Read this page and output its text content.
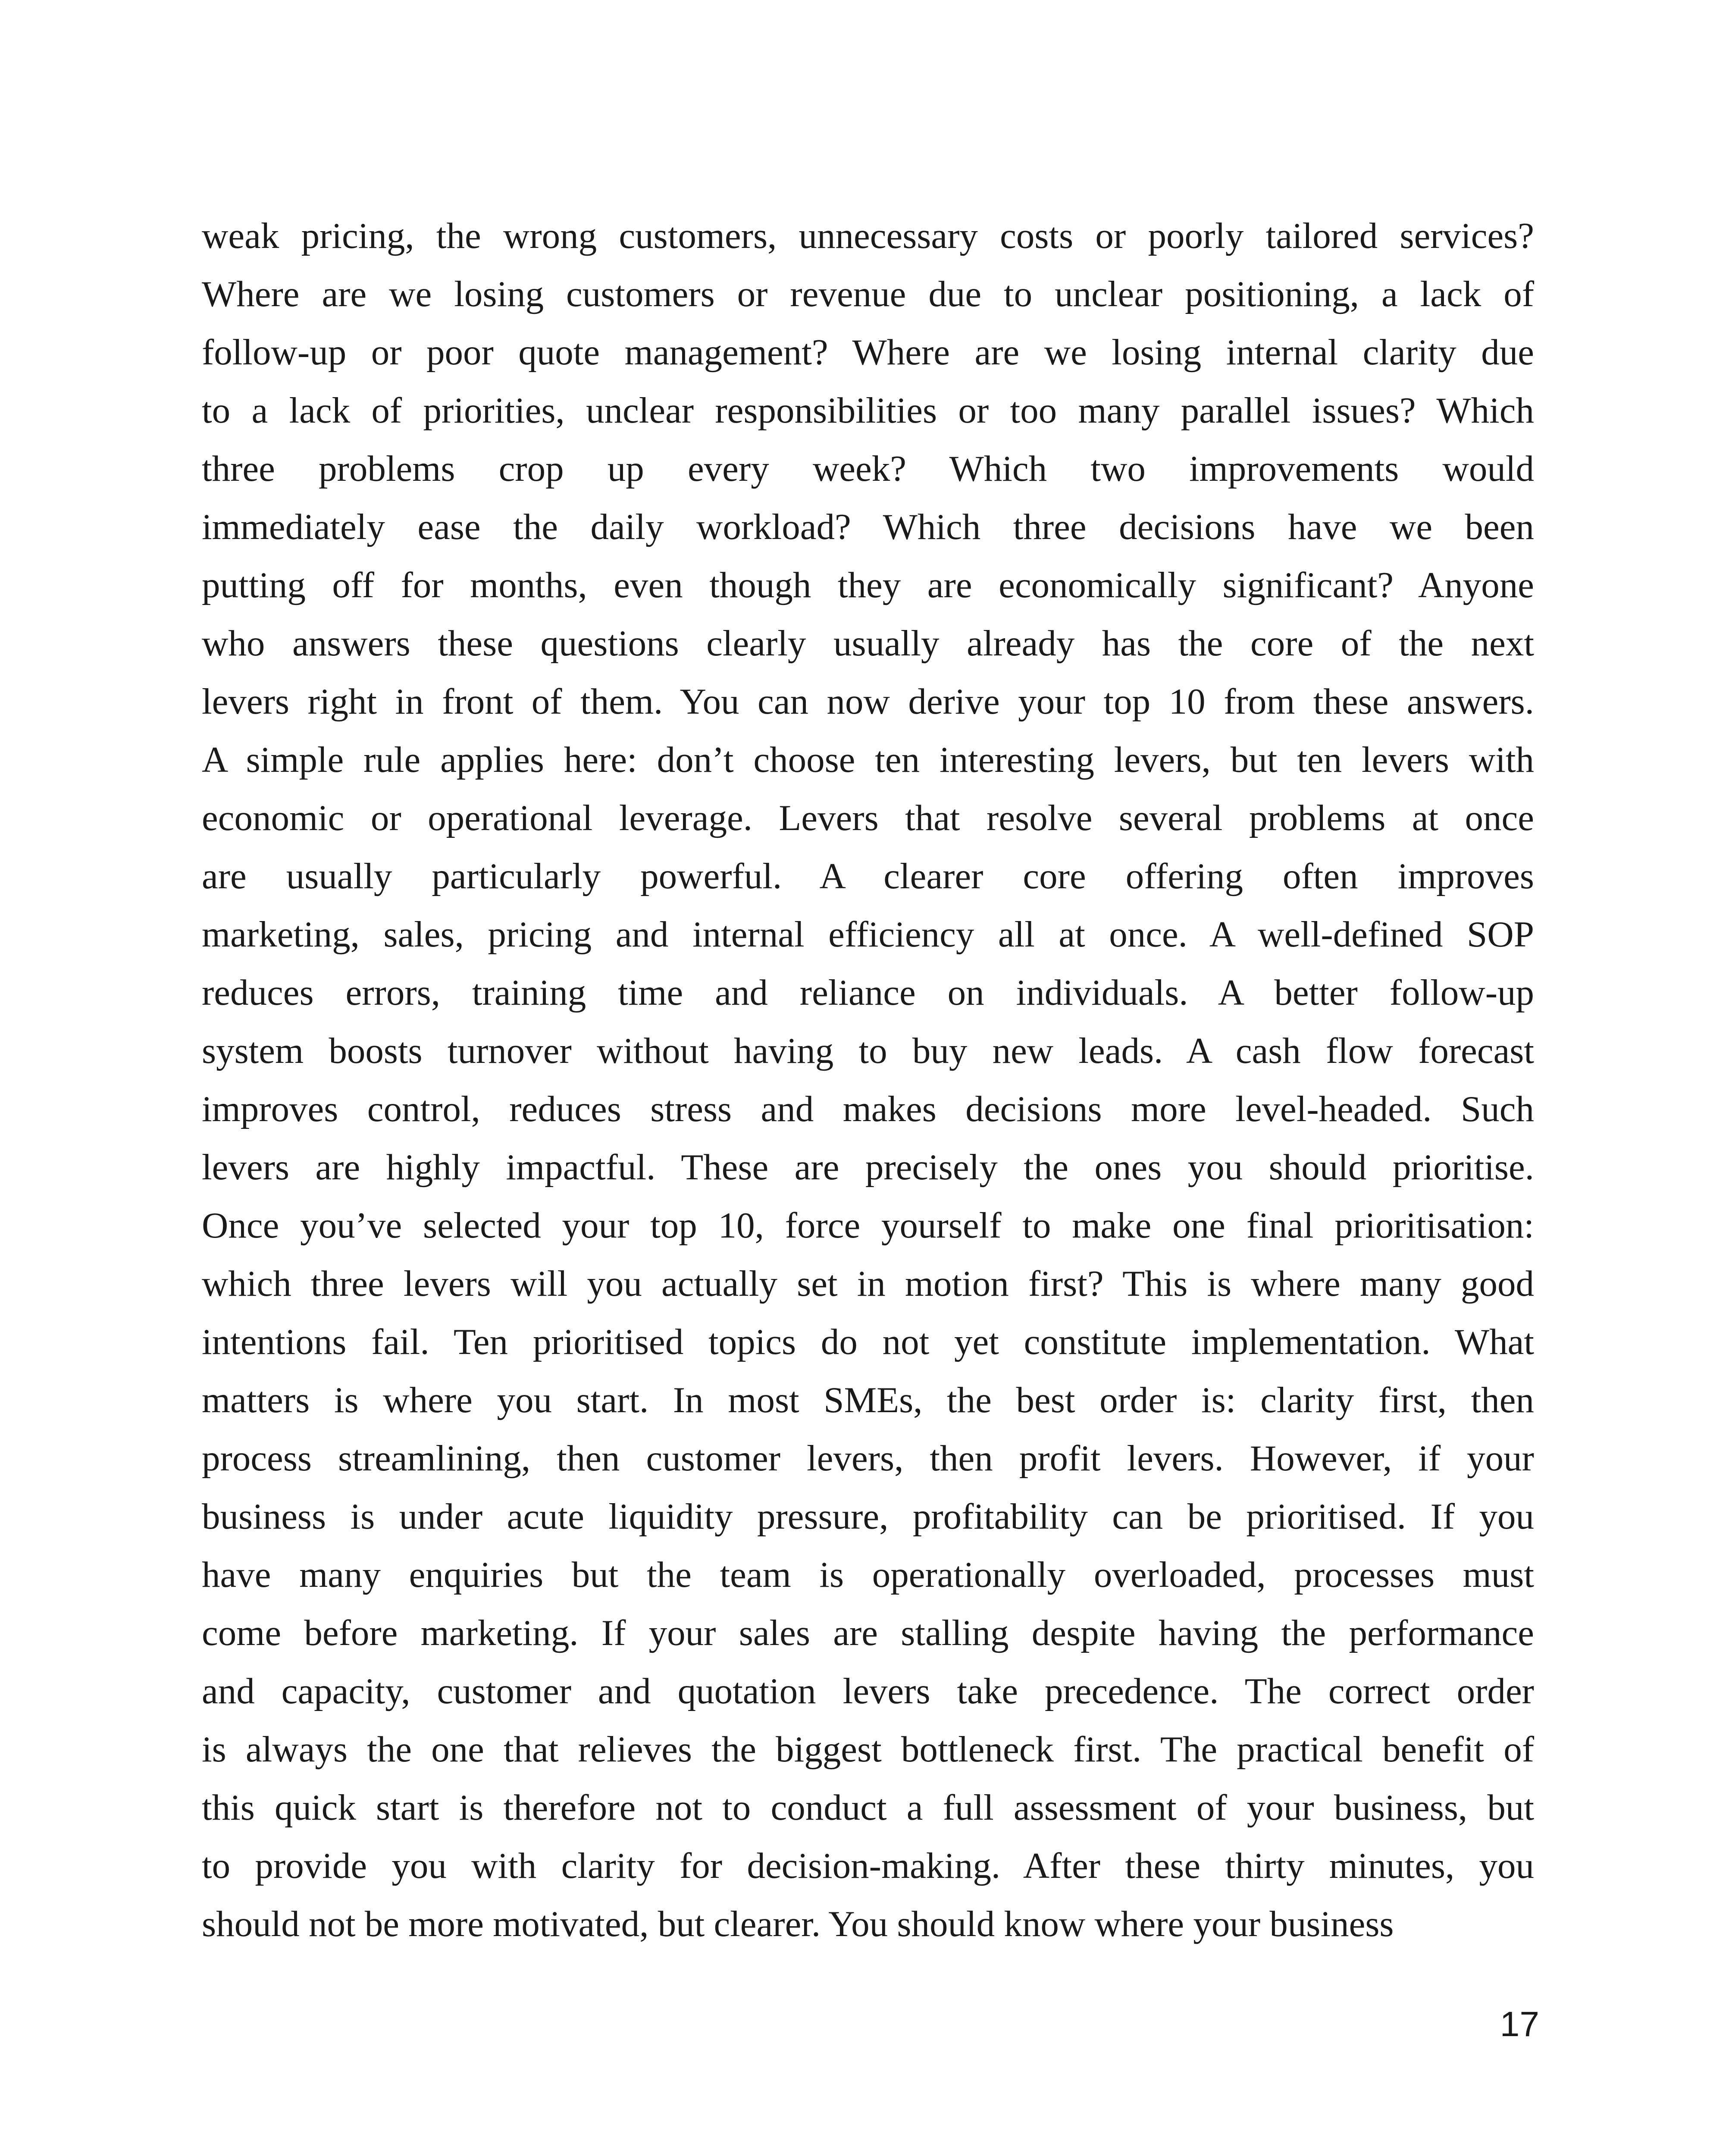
weak pricing, the wrong customers, unnecessary costs or poorly tailored services?
Where are we losing customers or revenue due to unclear positioning, a lack of
follow-up or poor quote management? Where are we losing internal clarity due
to a lack of priorities, unclear responsibilities or too many parallel issues? Which
three problems crop up every week? Which two improvements would
immediately ease the daily workload? Which three decisions have we been
putting off for months, even though they are economically significant? Anyone
who answers these questions clearly usually already has the core of the next
levers right in front of them. You can now derive your top 10 from these answers.
A simple rule applies here: don’t choose ten interesting levers, but ten levers with
economic or operational leverage. Levers that resolve several problems at once
are usually particularly powerful. A clearer core offering often improves
marketing, sales, pricing and internal efficiency all at once. A well-defined SOP
reduces errors, training time and reliance on individuals. A better follow-up
system boosts turnover without having to buy new leads. A cash flow forecast
improves control, reduces stress and makes decisions more level-headed. Such
levers are highly impactful. These are precisely the ones you should prioritise.
Once you’ve selected your top 10, force yourself to make one final prioritisation:
which three levers will you actually set in motion first? This is where many good
intentions fail. Ten prioritised topics do not yet constitute implementation. What
matters is where you start. In most SMEs, the best order is: clarity first, then
process streamlining, then customer levers, then profit levers. However, if your
business is under acute liquidity pressure, profitability can be prioritised. If you
have many enquiries but the team is operationally overloaded, processes must
come before marketing. If your sales are stalling despite having the performance
and capacity, customer and quotation levers take precedence. The correct order
is always the one that relieves the biggest bottleneck first. The practical benefit of
this quick start is therefore not to conduct a full assessment of your business, but
to provide you with clarity for decision-making. After these thirty minutes, you
should not be more motivated, but clearer. You should know where your business
17
